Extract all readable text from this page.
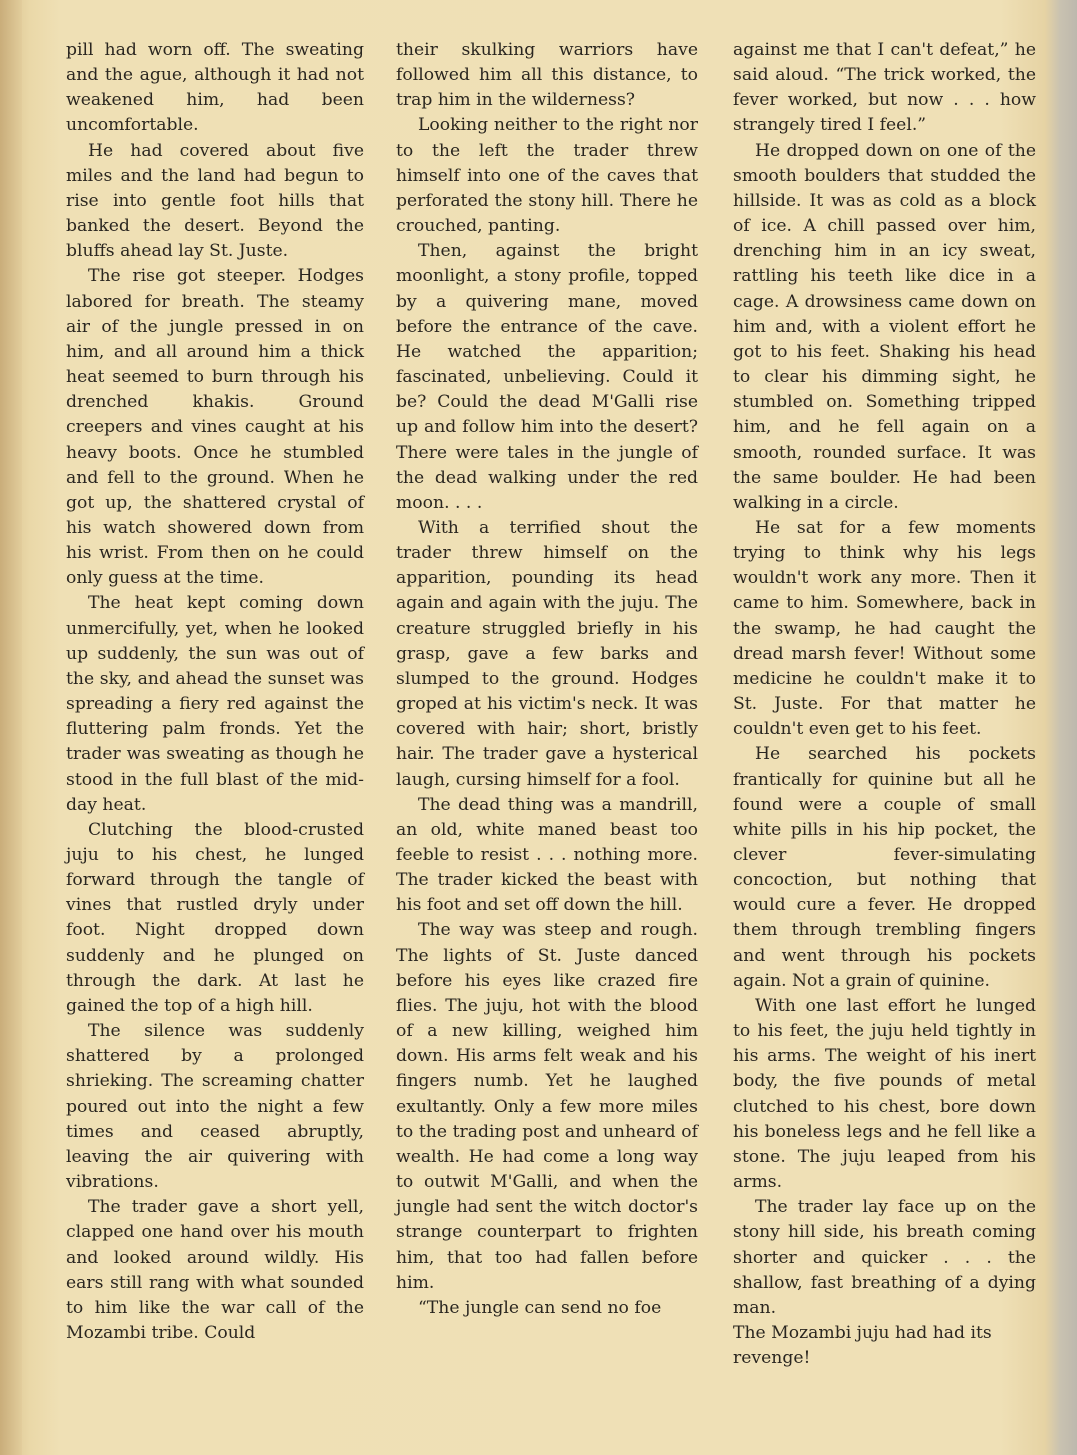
pill had worn off. The sweating and the ague, although it had not weakened him, had been uncomfortable.

He had covered about five miles and the land had begun to rise into gentle foot hills that banked the desert. Beyond the bluffs ahead lay St. Juste.

The rise got steeper. Hodges labored for breath. The steamy air of the jungle pressed in on him, and all around him a thick heat seemed to burn through his drenched khakis. Ground creepers and vines caught at his heavy boots. Once he stumbled and fell to the ground. When he got up, the shattered crystal of his watch showered down from his wrist. From then on he could only guess at the time.

The heat kept coming down unmercifully, yet, when he looked up suddenly, the sun was out of the sky, and ahead the sunset was spreading a fiery red against the fluttering palm fronds. Yet the trader was sweating as though he stood in the full blast of the mid-day heat.

Clutching the blood-crusted juju to his chest, he lunged forward through the tangle of vines that rustled dryly under foot. Night dropped down suddenly and he plunged on through the dark. At last he gained the top of a high hill.

The silence was suddenly shattered by a prolonged shrieking. The screaming chatter poured out into the night a few times and ceased abruptly, leaving the air quivering with vibrations.

The trader gave a short yell, clapped one hand over his mouth and looked around wildly. His ears still rang with what sounded to him like the war call of the Mozambi tribe. Could

their skulking warriors have followed him all this distance, to trap him in the wilderness?

Looking neither to the right nor to the left the trader threw himself into one of the caves that perforated the stony hill. There he crouched, panting.

Then, against the bright moonlight, a stony profile, topped by a quivering mane, moved before the entrance of the cave. He watched the apparition; fascinated, unbelieving. Could it be? Could the dead M'Galli rise up and follow him into the desert? There were tales in the jungle of the dead walking under the red moon. . . .

With a terrified shout the trader threw himself on the apparition, pounding its head again and again with the juju. The creature struggled briefly in his grasp, gave a few barks and slumped to the ground. Hodges groped at his victim's neck. It was covered with hair; short, bristly hair. The trader gave a hysterical laugh, cursing himself for a fool.

The dead thing was a mandrill, an old, white maned beast too feeble to resist . . . nothing more. The trader kicked the beast with his foot and set off down the hill.

The way was steep and rough. The lights of St. Juste danced before his eyes like crazed fire flies. The juju, hot with the blood of a new killing, weighed him down. His arms felt weak and his fingers numb. Yet he laughed exultantly. Only a few more miles to the trading post and unheard of wealth. He had come a long way to outwit M'Galli, and when the jungle had sent the witch doctor's strange counterpart to frighten him, that too had fallen before him.

“The jungle can send no foe

against me that I can't defeat,” he said aloud. “The trick worked, the fever worked, but now . . . how strangely tired I feel.”

He dropped down on one of the smooth boulders that studded the hillside. It was as cold as a block of ice. A chill passed over him, drenching him in an icy sweat, rattling his teeth like dice in a cage. A drowsiness came down on him and, with a violent effort he got to his feet. Shaking his head to clear his dimming sight, he stumbled on. Something tripped him, and he fell again on a smooth, rounded surface. It was the same boulder. He had been walking in a circle.

He sat for a few moments trying to think why his legs wouldn't work any more. Then it came to him. Somewhere, back in the swamp, he had caught the dread marsh fever! Without some medicine he couldn't make it to St. Juste. For that matter he couldn't even get to his feet.

He searched his pockets frantically for quinine but all he found were a couple of small white pills in his hip pocket, the clever fever-simulating concoction, but nothing that would cure a fever. He dropped them through trembling fingers and went through his pockets again. Not a grain of quinine.

With one last effort he lunged to his feet, the juju held tightly in his arms. The weight of his inert body, the five pounds of metal clutched to his chest, bore down his boneless legs and he fell like a stone. The juju leaped from his arms.

The trader lay face up on the stony hill side, his breath coming shorter and quicker . . . the shallow, fast breathing of a dying man.

The Mozambi juju had had its revenge!
